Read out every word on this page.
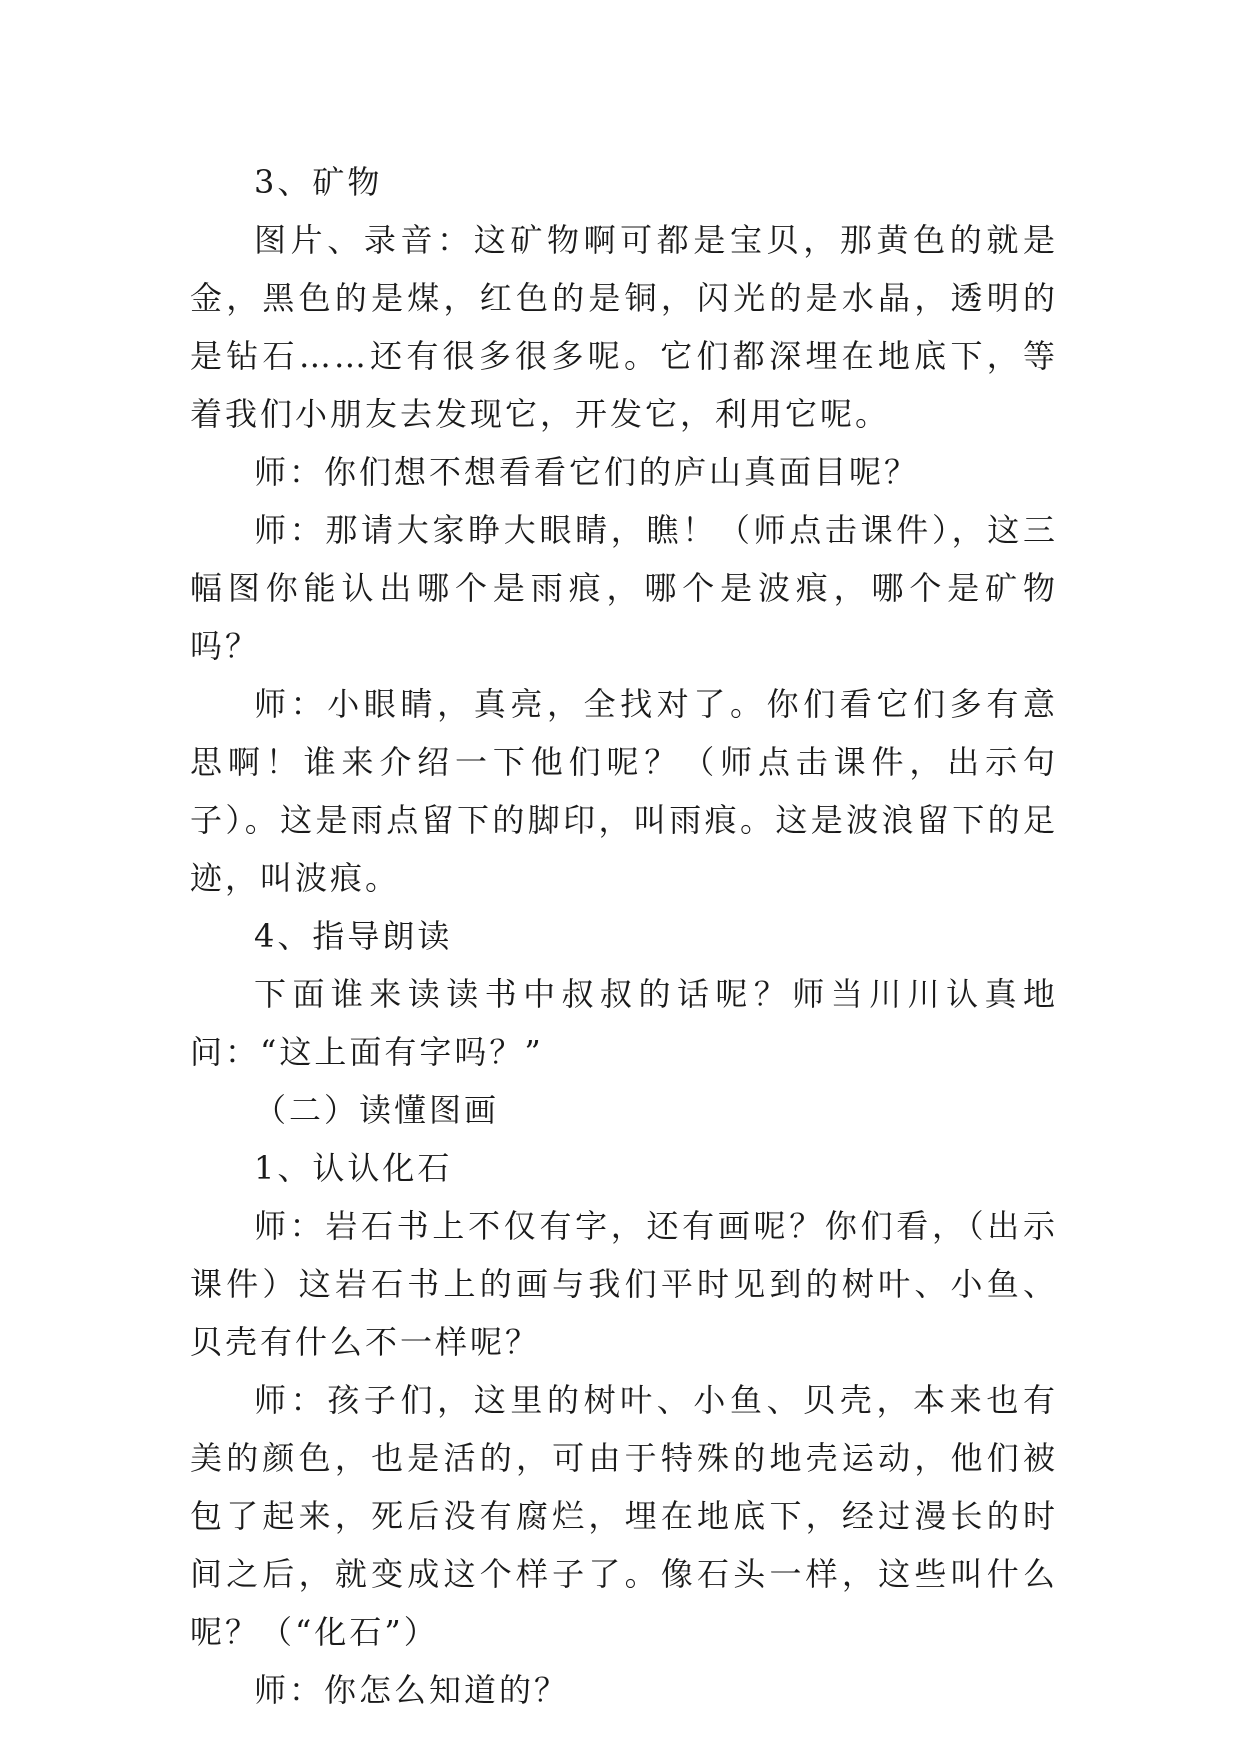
3、矿物

图片、录音：这矿物啊可都是宝贝，那黄色的就是金，黑色的是煤，红色的是铜，闪光的是水晶，透明的是钻石……还有很多很多呢。它们都深埋在地底下，等着我们小朋友去发现它，开发它，利用它呢。

师：你们想不想看看它们的庐山真面目呢？

师：那请大家睁大眼睛，瞧！（师点击课件），这三幅图你能认出哪个是雨痕，哪个是波痕，哪个是矿物吗？

师：小眼睛，真亮，全找对了。你们看它们多有意思啊！谁来介绍一下他们呢？（师点击课件，出示句子）。这是雨点留下的脚印，叫雨痕。这是波浪留下的足迹，叫波痕。

4、指导朗读

下面谁来读读书中叔叔的话呢？师当川川认真地问：“这上面有字吗？”

（二）读懂图画

1、认认化石

师：岩石书上不仅有字，还有画呢？你们看，（出示课件）这岩石书上的画与我们平时见到的树叶、小鱼、贝壳有什么不一样呢？

师：孩子们，这里的树叶、小鱼、贝壳，本来也有美的颜色，也是活的，可由于特殊的地壳运动，他们被包了起来，死后没有腐烂，埋在地底下，经过漫长的时间之后，就变成这个样子了。像石头一样，这些叫什么呢？（“化石”）

师：你怎么知道的？
